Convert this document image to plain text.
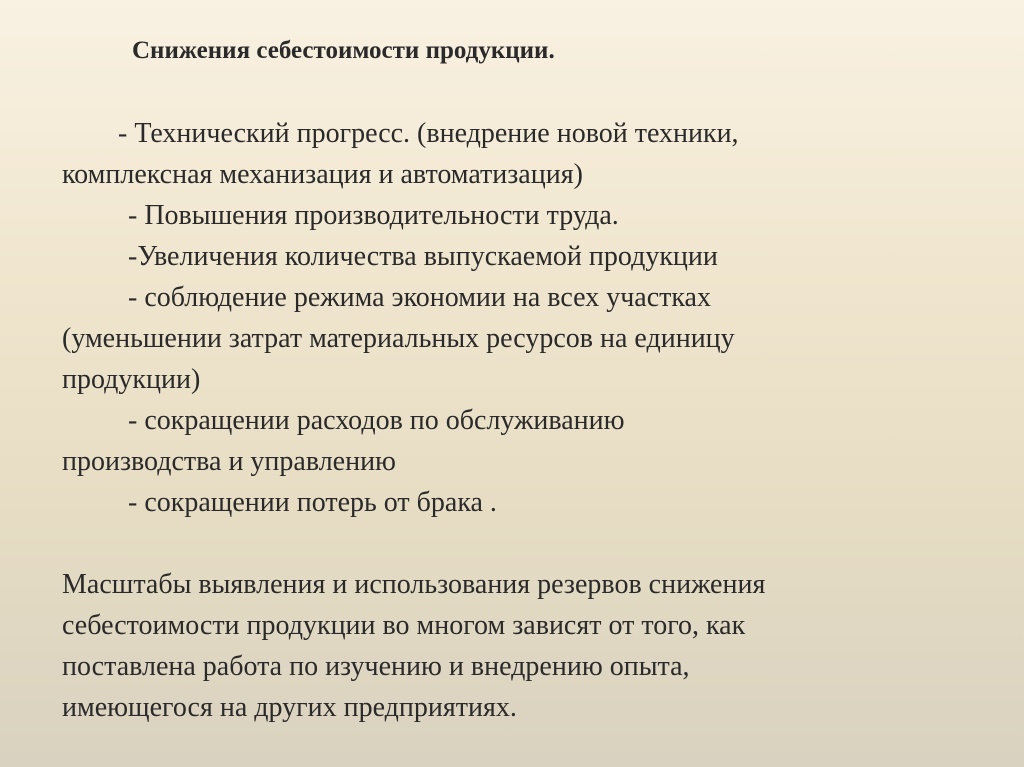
Снижения себестоимости продукции.
- Технический прогресс. (внедрение новой техники,
комплексная механизация и автоматизация)
- Повышения производительности труда.
-Увеличения количества выпускаемой продукции
- соблюдение режима экономии на всех участках
(уменьшении затрат материальных ресурсов на единицу
продукции)
- сокращении расходов по обслуживанию
производства и управлению
- сокращении потерь от брака .
Масштабы выявления и использования резервов снижения
себестоимости продукции во многом зависят от того, как
поставлена работа по изучению и внедрению опыта,
имеющегося на других предприятиях.
